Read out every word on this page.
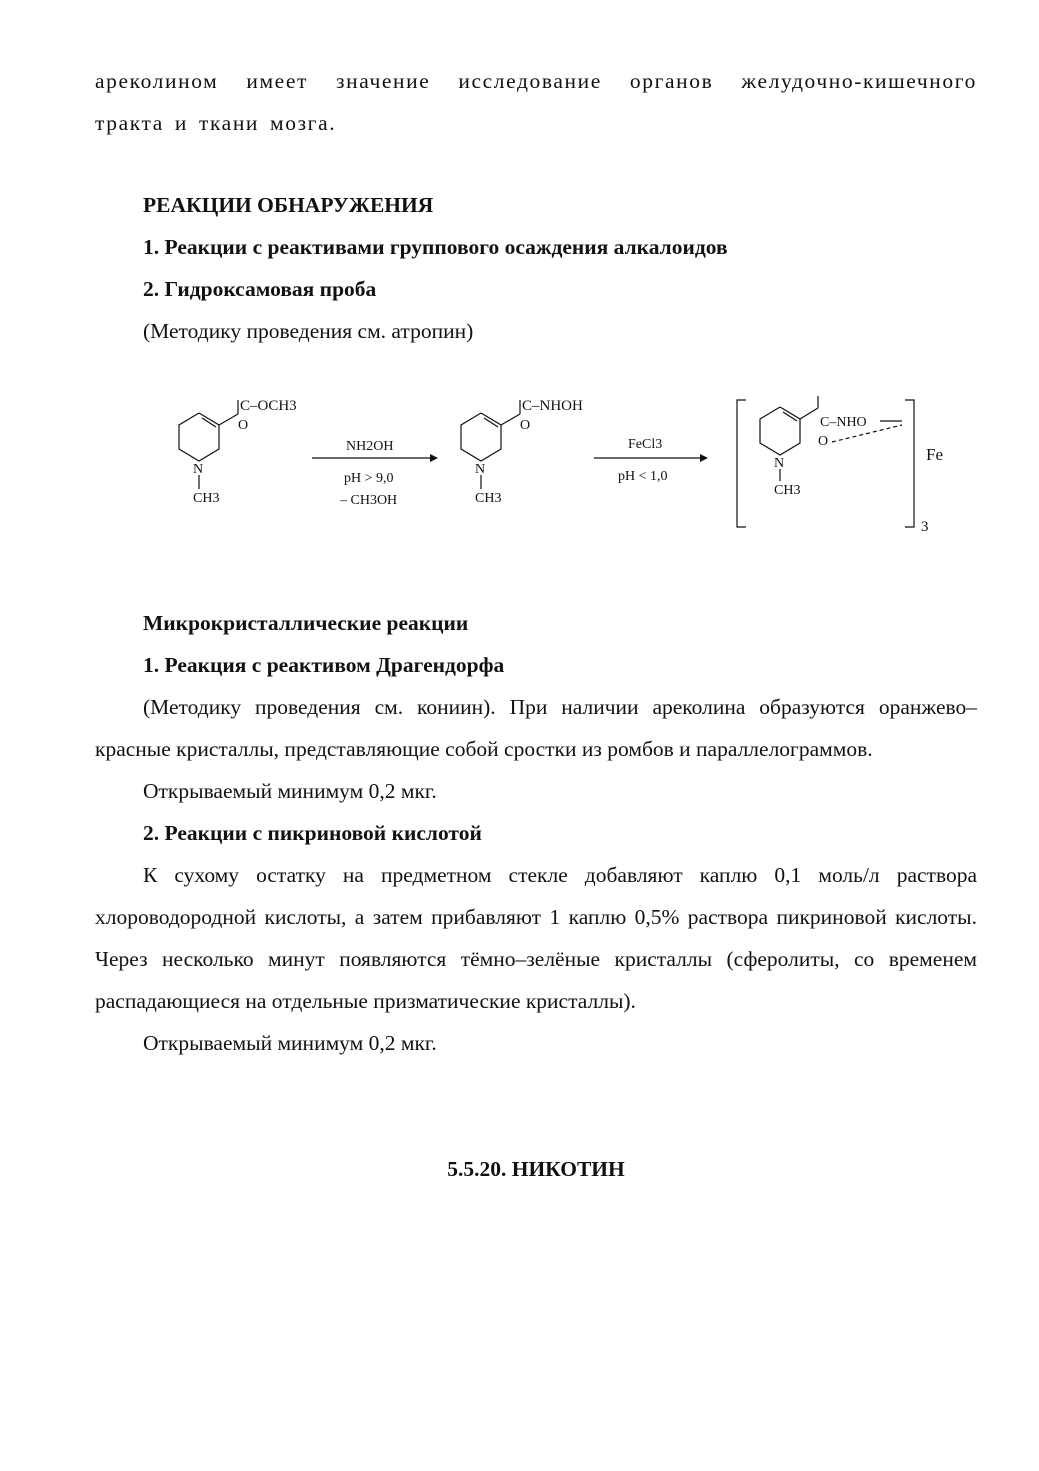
ареколином имеет значение исследование органов желудочно-кишечного

тракта и ткани мозга.

РЕАКЦИИ ОБНАРУЖЕНИЯ

1. Реакции с реактивами группового осаждения алкалоидов

2. Гидроксамовая проба

(Методику проведения см. атропин)

C–OCH3
O
N
CH3
NH2OH
pH > 9,0
– CH3OH
C–NHOH
O
N
CH3
FeCl3
pH < 1,0
C–NHO
O
N
CH3
Fe
3

Микрокристаллические реакции

1. Реакция с реактивом Драгендорфа

(Методику проведения см. кониин). При наличии ареколина образуются оранжево–красные кристаллы, представляющие собой сростки из ромбов и параллелограммов.

Открываемый минимум 0,2 мкг.

2. Реакции с пикриновой кислотой

К сухому остатку на предметном стекле добавляют каплю 0,1 моль/л раствора хлороводородной кислоты, а затем прибавляют 1 каплю 0,5% раствора пикриновой кислоты. Через несколько минут появляются тёмно–зелёные кристаллы (сферолиты, со временем распадающиеся на отдельные призматические кристаллы).

Открываемый минимум 0,2 мкг.

5.5.20. НИКОТИН
